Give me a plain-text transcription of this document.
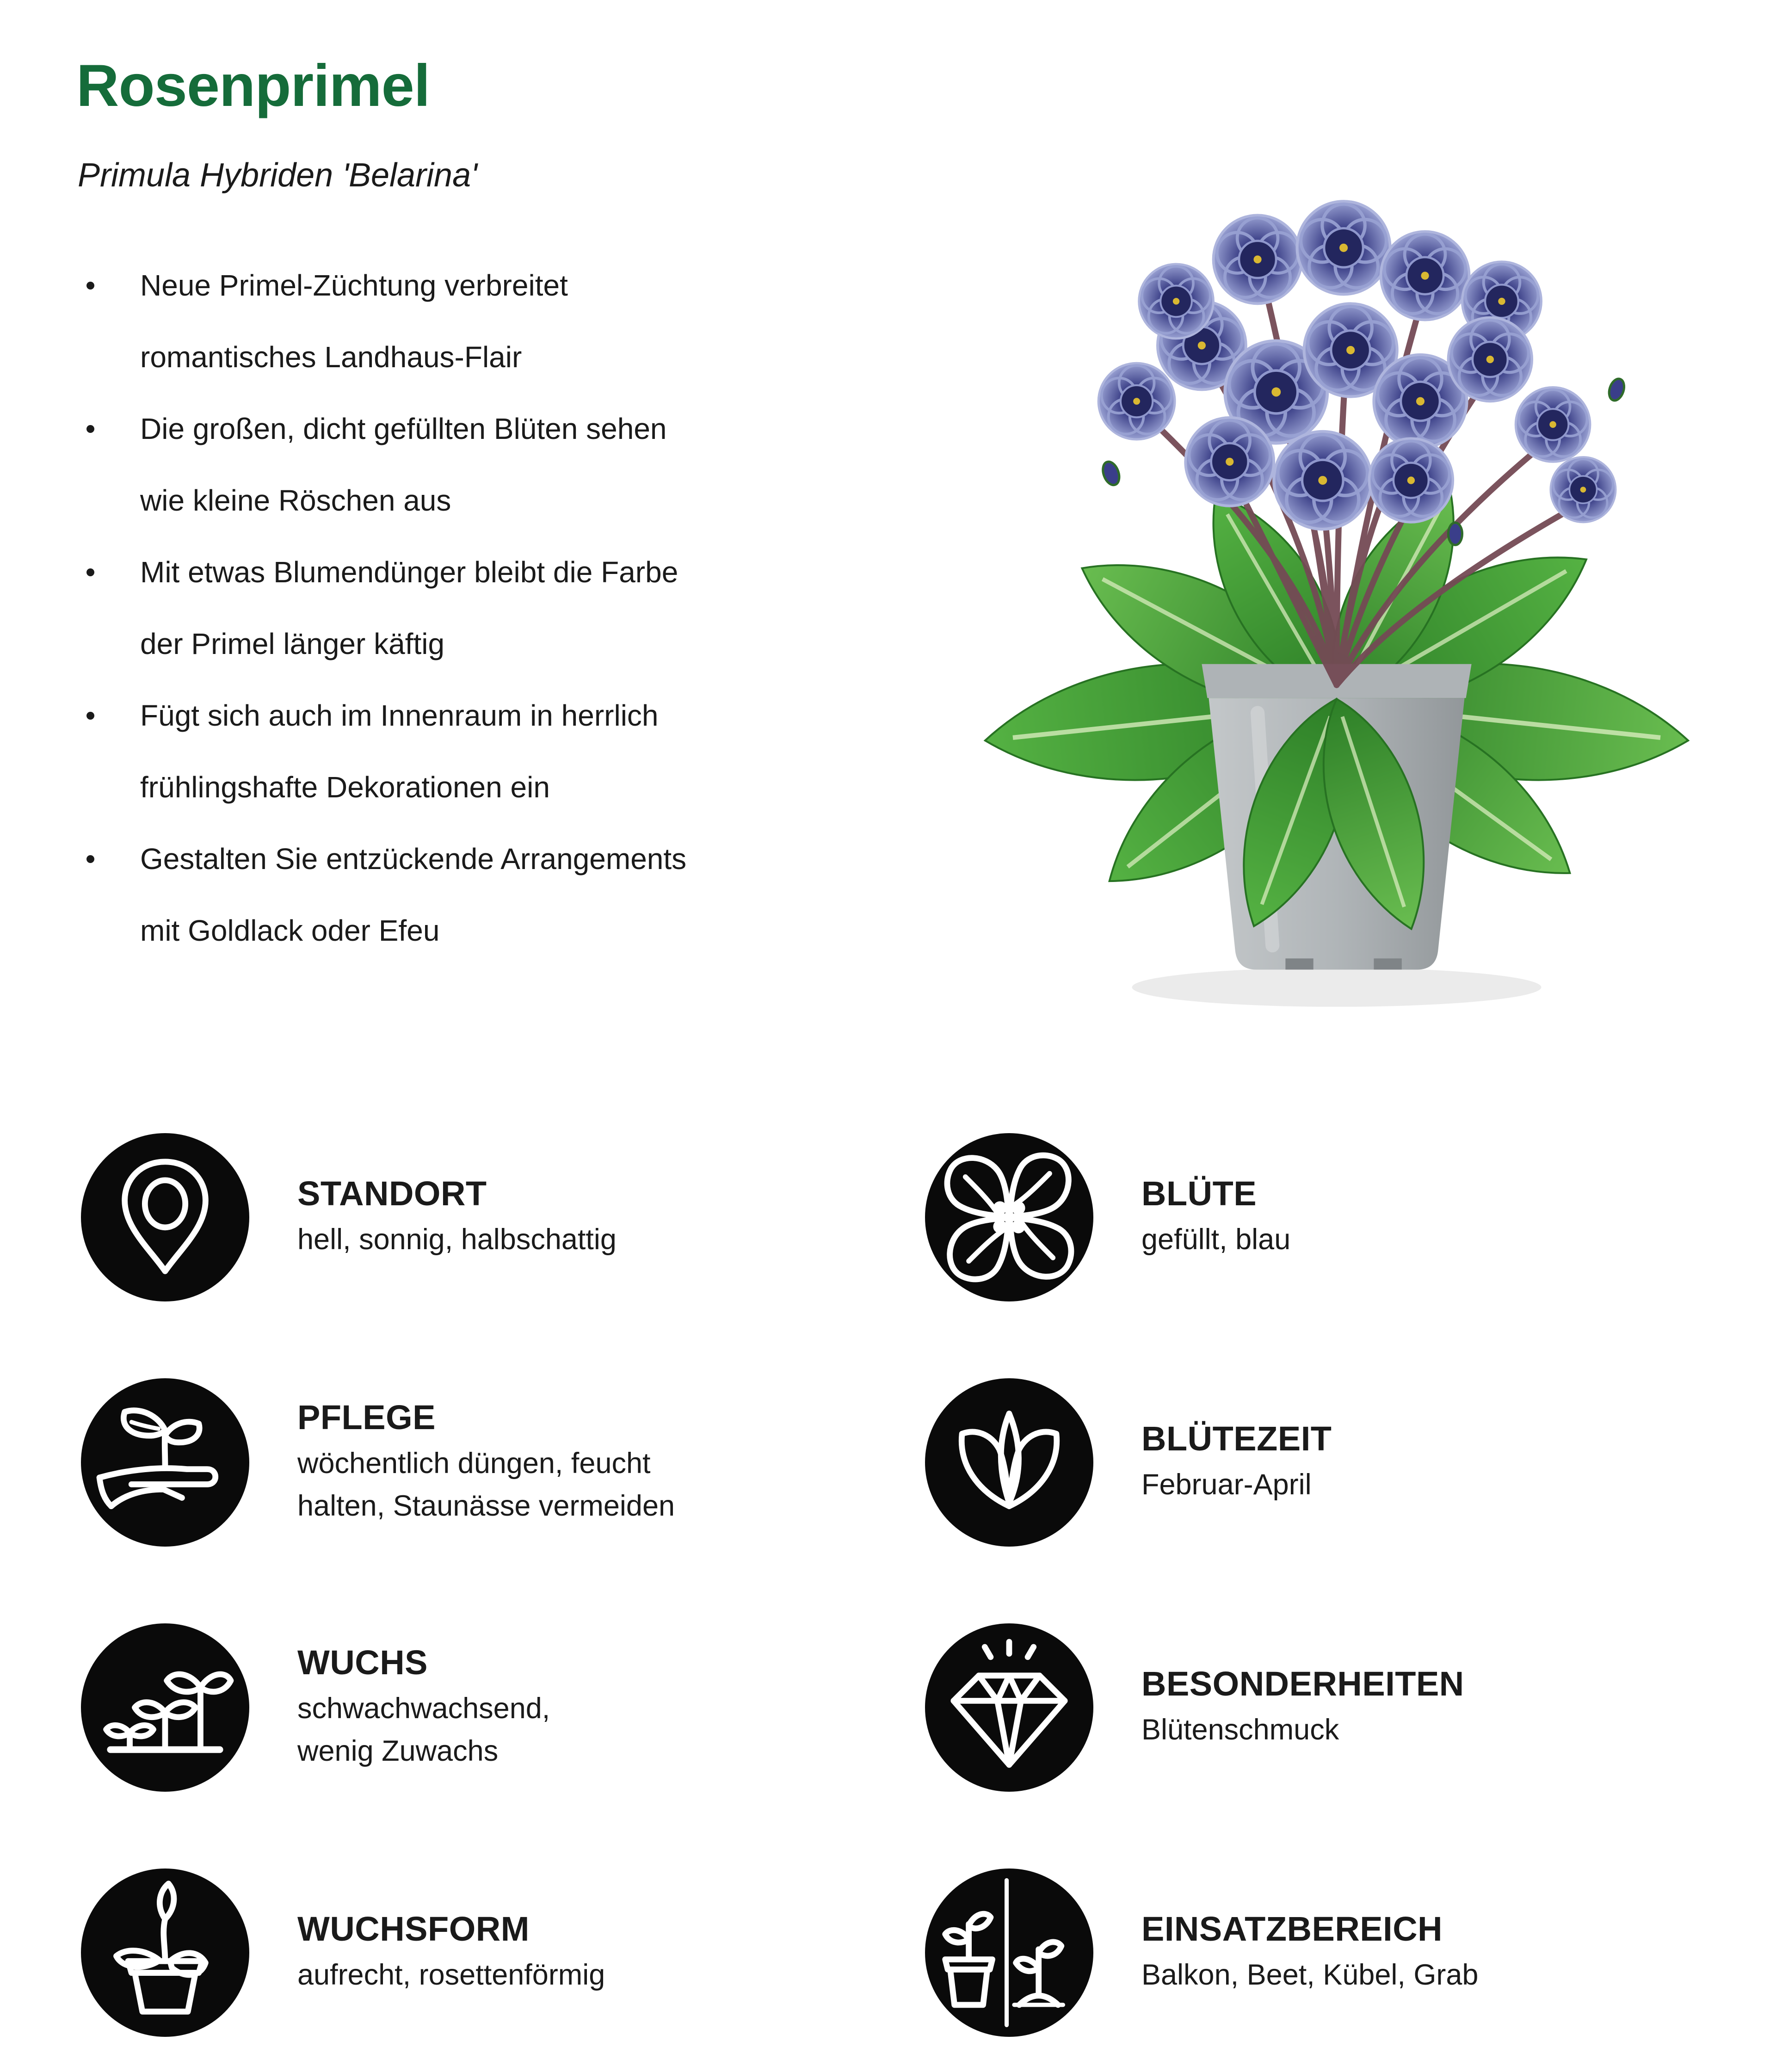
Rosenprimel
Primula Hybriden 'Belarina'
Neue Primel-Züchtung verbreitet
romantisches Landhaus-Flair
Die großen, dicht gefüllten Blüten sehen
wie kleine Röschen aus
Mit etwas Blumendünger bleibt die Farbe
der Primel länger käftig
Fügt sich auch im Innenraum in herrlich
frühlingshafte Dekorationen ein
Gestalten Sie entzückende Arrangements
mit Goldlack oder Efeu
STANDORT
hell, sonnig, halbschattig
BLÜTE
gefüllt, blau
PFLEGE
wöchentlich düngen, feucht
halten, Staunässe vermeiden
BLÜTEZEIT
Februar-April
WUCHS
schwachwachsend,
wenig Zuwachs
BESONDERHEITEN
Blütenschmuck
WUCHSFORM
aufrecht, rosettenförmig
EINSATZBEREICH
Balkon, Beet, Kübel, Grab
